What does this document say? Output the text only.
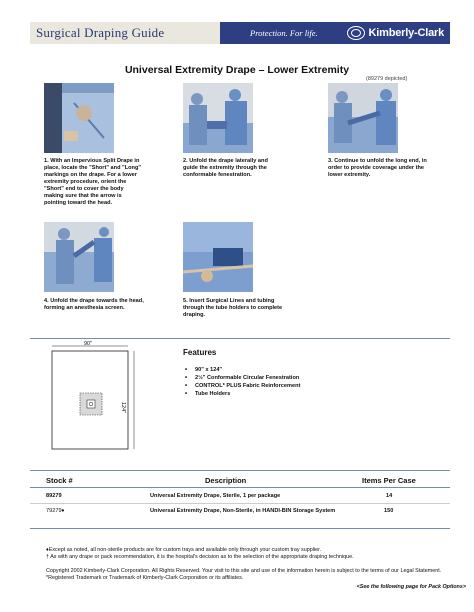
Surgical Draping Guide	Protection. For life.	Kimberly-Clark
Universal Extremity Drape – Lower Extremity
(89279 depicted)
1. With an Impervious Split Drape in place, locate the "Short" and "Long" markings on the drape. For a lower extremity procedure, orient the "Short" end to cover the body making sure that the arrow is pointing toward the head.
2. Unfold the drape laterally and guide the extremity through the conformable fenestration.
3. Continue to unfold the long end, in order to provide coverage under the lower extremity.
4. Unfold the drape towards the head, forming an anesthesia screen.
5. Insert Surgical Lines and tubing through the tube holders to complete draping.
90"
124"
Features
• 90" x 124"
• 2½" Conformable Circular Fenestration
• CONTROL* PLUS Fabric Reinforcement
• Tube Holders
Stock #	Description	Items Per Case
89279	Universal Extremity Drape, Sterile, 1 per package	14
79279♦	Universal Extremity Drape, Non-Sterile, in HANDI-BIN Storage System	150
♦Except as noted, all non-sterile products are for custom trays and available only through your custom tray supplier.
† As with any drape or pack recommendation, it is the hospital's decision as to the selection of the appropriate draping technique.
Copyright 2002 Kimberly-Clark Corporation. All Rights Reserved. Your visit to this site and use of the information herein is subject to the terms of our Legal Statement. *Registered Trademark or Trademark of Kimberly-Clark Corporation or its affiliates.
<See the following page for Pack Options>
